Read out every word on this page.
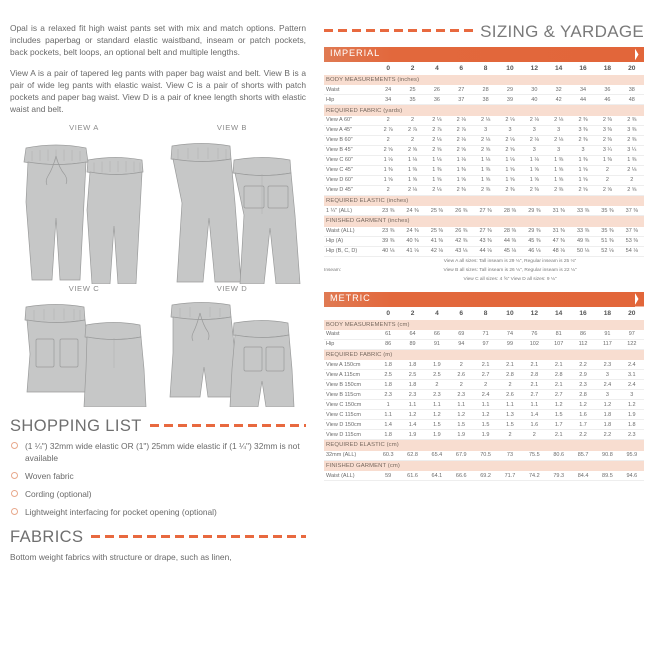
Opal is a relaxed fit high waist pants set with mix and match options. Pattern includes paperbag or standard elastic waistband, inseam or patch pockets, back pockets, belt loops, an optional belt and multiple lengths.

View A is a pair of tapered leg pants with paper bag waist and belt. View B is a pair of wide leg pants with elastic waist. View C is a pair of shorts with patch pockets and paper bag waist. View D is a pair of knee length shorts with elastic waist and belt.

VIEW A	VIEW B
VIEW C	VIEW D
SHOPPING LIST
(1 ¼") 32mm wide elastic OR (1") 25mm wide elastic if (1 ¼") 32mm is not available
Woven fabric
Cording (optional)
Lightweight interfacing for pocket opening (optional)
FABRICS
Bottom weight fabrics with structure or drape, such as linen,
SIZING & YARDAGE
IMPERIAL
	0	2	4	6	8	10	12	14	16	18	20
BODY MEASUREMENTS (inches)											
Waist	24	25	26	27	28	29	30	32	34	36	38
Hip	34	35	36	37	38	39	40	42	44	46	48
REQUIRED FABRIC (yards)											
View A 60"	2	2	2 ⅛	2 ⅛	2 ⅛	2 ⅛	2 ⅛	2 ⅛	2 ⅜	2 ⅜	2 ⅜
View A 45"	2 ⅞	2 ⅞	2 ⅞	2 ⅞	3	3	3	3	3 ⅜	3 ⅜	3 ⅜
View B 60"	2	2	2 ⅛	2 ⅛	2 ⅛	2 ⅛	2 ⅛	2 ⅛	2 ⅜	2 ⅜	2 ⅜
View B 45"	2 ⅝	2 ⅝	2 ⅝	2 ⅝	2 ⅝	2 ⅝	3	3	3	3 ¼	3 ¼
View C 60"	1 ⅛	1 ⅛	1 ⅛	1 ⅛	1 ⅛	1 ⅛	1 ⅛	1 ⅜	1 ⅜	1 ⅜	1 ⅜
View C 45"	1 ⅜	1 ⅜	1 ⅜	1 ⅜	1 ⅜	1 ⅝	1 ⅝	1 ⅝	1 ⅝	2	2 ⅛
View D 60"	1 ⅝	1 ⅝	1 ⅝	1 ⅝	1 ⅝	1 ⅝	1 ⅝	1 ⅝	1 ⅝	2	2
View D 45"	2	2 ⅛	2 ⅛	2 ⅜	2 ⅜	2 ⅜	2 ⅜	2 ⅜	2 ⅝	2 ⅝	2 ⅝
REQUIRED ELASTIC (inches)											
1 ¼" (ALL)	23 ⅜	24 ⅜	25 ⅜	26 ⅜	27 ⅜	28 ⅜	29 ⅜	31 ⅜	33 ⅜	35 ⅜	37 ⅜
FINISHED GARMENT (inches)											
Waist (ALL)	23 ⅜	24 ⅜	25 ⅜	26 ⅜	27 ⅜	28 ⅜	29 ⅜	31 ⅜	33 ⅜	35 ⅜	37 ⅜
Hip (A)	39 ⅜	40 ⅜	41 ⅜	42 ⅜	43 ⅜	44 ⅜	45 ⅜	47 ⅜	49 ⅜	51 ⅜	53 ⅜
Hip (B, C, D)	40 ⅛	41 ⅛	42 ⅛	43 ⅛	44 ⅛	45 ⅛	46 ⅛	48 ⅛	50 ⅛	52 ⅛	54 ⅛
	View A all sizes: Tall inseam is 29 ⅛", Regular inseam is 25 ⅛"										
Inseam:	View B all sizes: Tall inseam is 26 ⅛", Regular inseam is 22 ⅛"										
	View C all sizes: 4 ⅝" View D all sizes: 9 ⅛"										
METRIC
	0	2	4	6	8	10	12	14	16	18	20
BODY MEASUREMENTS (cm)											
Waist	61	64	66	69	71	74	76	81	86	91	97
Hip	86	89	91	94	97	99	102	107	112	117	122
REQUIRED FABRIC (m)											
View A 150cm	1.8	1.8	1.9	2	2.1	2.1	2.1	2.1	2.2	2.3	2.4
View A 115cm	2.5	2.5	2.5	2.6	2.7	2.8	2.8	2.8	2.9	3	3.1
View B 150cm	1.8	1.8	2	2	2	2	2.1	2.1	2.3	2.4	2.4
View B 115cm	2.3	2.3	2.3	2.3	2.4	2.6	2.7	2.7	2.8	3	3
View C 150cm	1	1.1	1.1	1.1	1.1	1.1	1.1	1.2	1.2	1.2	1.2
View C 115cm	1.1	1.2	1.2	1.2	1.2	1.3	1.4	1.5	1.6	1.8	1.9
View D 150cm	1.4	1.4	1.5	1.5	1.5	1.5	1.6	1.7	1.7	1.8	1.8
View D 115cm	1.8	1.9	1.9	1.9	1.9	2	2	2.1	2.2	2.2	2.3
REQUIRED ELASTIC (cm)											
32mm (ALL)	60.3	62.8	65.4	67.9	70.5	73	75.5	80.6	85.7	90.8	95.9
FINISHED GARMENT (cm)											
Waist (ALL)	59	61.6	64.1	66.6	69.2	71.7	74.2	79.3	84.4	89.5	94.6
